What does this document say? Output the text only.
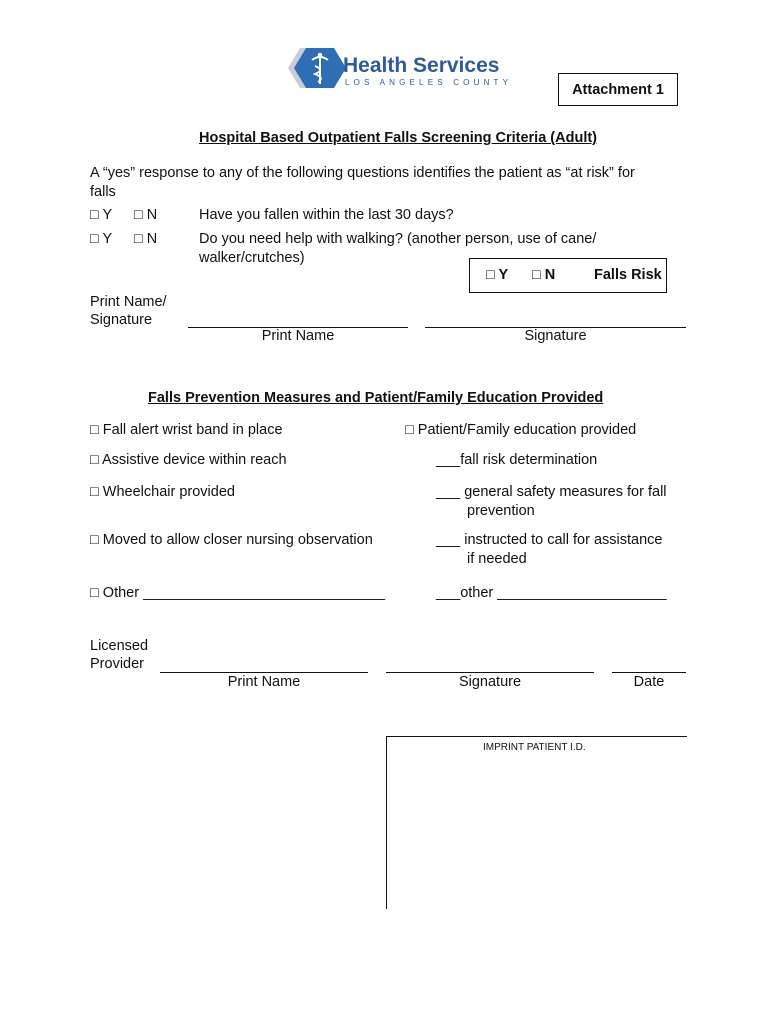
Health Services
LOS ANGELES COUNTY	Attachment 1
Hospital Based Outpatient Falls Screening Criteria (Adult)
A “yes” response to any of the following questions identifies the patient as “at risk” for
falls
□ Y □ N	Have you fallen within the last 30 days?
□ Y □ N	Do you need help with walking? (another person, use of cane/
walker/crutches)
□ Y □ N	Falls Risk
Print Name/
Signature
Print Name	Signature
Falls Prevention Measures and Patient/Family Education Provided
□ Fall alert wrist band in place
□ Assistive device within reach
□ Wheelchair provided
□ Moved to allow closer nursing observation
□ Other ______________________________
□ Patient/Family education provided
___fall risk determination
___ general safety measures for fall
prevention
___ instructed to call for assistance
if needed
___other _____________________
Licensed
Provider
Print Name	Signature	Date
IMPRINT PATIENT I.D.
